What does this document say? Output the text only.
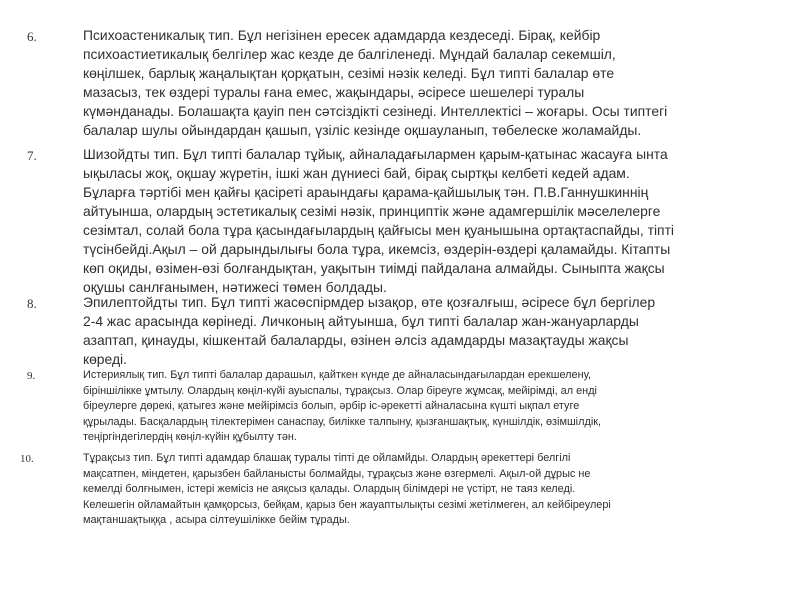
6.	Психоастеникалық тип. Бұл негізінен ересек адамдарда кездеседі. Бірақ, кейбір
психоастиетикалық белгілер жас кезде де балгіленеді. Мұндай балалар секемшіл,
көңілшек, барлық жаңалықтан қорқатын, сезімі нәзік келеді. Бұл типті балалар өте
мазасыз, тек өздері туралы ғана емес, жақындары, әсіресе шешелері туралы
күмәнданады. Болашақта қауіп пен сәтсіздікті сезінеді. Интеллектісі – жоғары. Осы типтегі
балалар шулы ойындардан қашып, үзіліс кезінде оқшауланып, төбелеске жоламайды.
7.	Шизойдты тип. Бұл типті балалар тұйық, айналадағылармен қарым-қатынас жасауға ынта
ықыласы жоқ, оқшау жүретін, ішкі жан дүниесі бай, бірақ сыртқы келбеті кедей адам.
Бұларға тәртібі мен қайғы қасіреті араындағы қарама-қайшылық тән. П.В.Ганнушкиннің
айтуынша, олардың эстетикалық сезімі нәзік, принциптік және адамгершілік мәселелерге
сезімтал, солай бола тұра қасындағылардың қайғысы мен қуанышына ортақтаспайды, тіпті
түсінбейді.Ақыл – ой дарындылығы бола тұра, икемсіз, өздерін-өздері қаламайды. Кітапты
көп оқиды, өзімен-өзі болғандықтан, уақытын тиімді пайдалана алмайды. Сыныпта жақсы
оқушы санлғанымен, нәтижесі төмен болдады.
8.	Эпилептойдты тип. Бұл типті жасөспірмдер ызақор, өте қозғалғыш, әсіресе бұл бергілер
2-4 жас арасында көрінеді. Личконың айтуынша, бұл типті балалар жан-жануарларды
азаптап, қинауды, кішкентай балаларды, өзінен әлсіз адамдарды мазақтауды жақсы
көреді.
9.	Истериялық тип. Бұл типті балалар дарашыл, қайткен күнде де айналасындағылардан ерекшелену,
біріншілікке ұмтылу. Олардың көңіл-күйі ауыспалы, тұрақсыз. Олар біреуге жұмсақ, мейірімді, ал енді
біреулерге дөрекі, қатыгез және мейірімсіз болып, әрбір іс-әрекетті айналасына күшті ықпал етуге
құрылады. Басқалардың тілектерімен санаспау, билікке талпыну, қызғаншақтық, күншілдік, өзімшілдік,
теңіргіндегілердің көңіл-күйін құбылту тән.
10.	Тұрақсыз тип. Бұл типті адамдар блашақ туралы тіпті де ойламйды. Олардың әрекеттері белгілі
мақсатпен, міндетен, қарызбен байланысты болмайды, тұрақсыз және өзгермелі. Ақыл-ой дұрыс не
кемелді болғнымен, істері жемісіз не аяқсыз қалады. Олардың білімдері не үстірт, не таяз келеді.
Келешегін ойламайтын қамқорсыз, бейқам, қарыз бен жауаптылықты сезімі жетілмеген, ал кейбіреулері
мақтаншақтыққа , асыра сілтеушілікке бейім тұрады.
